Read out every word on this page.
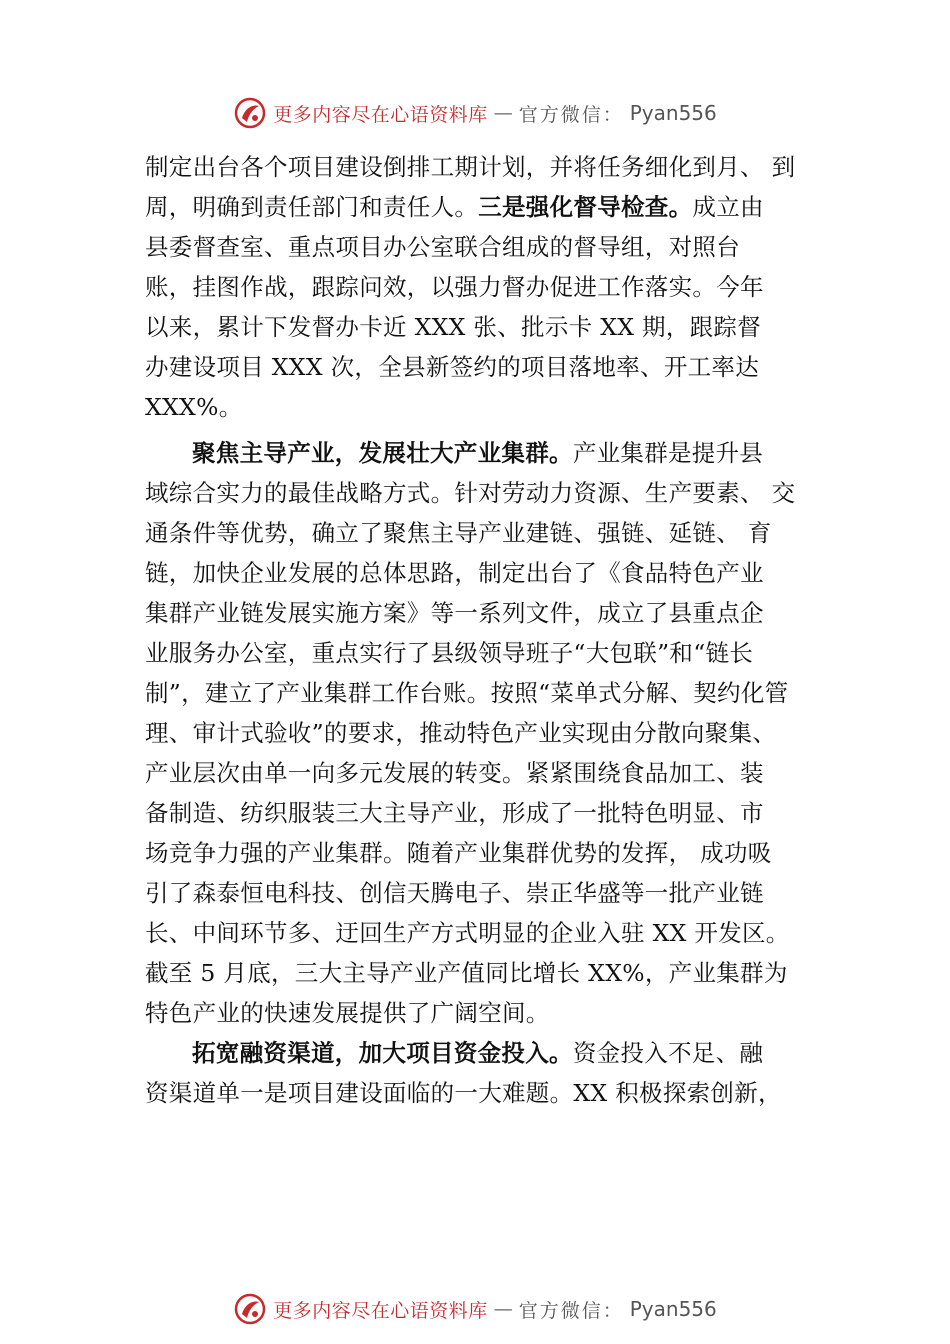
更多内容尽在心语资料库 — 官方微信： Pyan556
制定出台各个项目建设倒排工期计划，并将任务细化到月、 到
周，明确到责任部门和责任人。三是强化督导检查。成立由
县委督查室、重点项目办公室联合组成的督导组，对照台
账，挂图作战，跟踪问效，以强力督办促进工作落实。今年
以来，累计下发督办卡近 XXX 张、批示卡 XX 期，跟踪督
办建设项目 XXX 次，全县新签约的项目落地率、开工率达
XXX%。
聚焦主导产业，发展壮大产业集群。产业集群是提升县
域综合实力的最佳战略方式。针对劳动力资源、生产要素、 交
通条件等优势，确立了聚焦主导产业建链、强链、延链、 育
链，加快企业发展的总体思路，制定出台了《食品特色产业
集群产业链发展实施方案》等一系列文件，成立了县重点企
业服务办公室，重点实行了县级领导班子“大包联”和“链长
制”，建立了产业集群工作台账。按照“菜单式分解、契约化管
理、审计式验收”的要求，推动特色产业实现由分散向聚集、
产业层次由单一向多元发展的转变。紧紧围绕食品加工、装
备制造、纺织服装三大主导产业，形成了一批特色明显、市
场竞争力强的产业集群。随着产业集群优势的发挥， 成功吸
引了森泰恒电科技、创信天腾电子、崇正华盛等一批产业链
长、中间环节多、迂回生产方式明显的企业入驻 XX 开发区。
截至 5 月底，三大主导产业产值同比增长 XX%，产业集群为
特色产业的快速发展提供了广阔空间。
拓宽融资渠道，加大项目资金投入。资金投入不足、融
资渠道单一是项目建设面临的一大难题。XX 积极探索创新，
更多内容尽在心语资料库 — 官方微信： Pyan556
